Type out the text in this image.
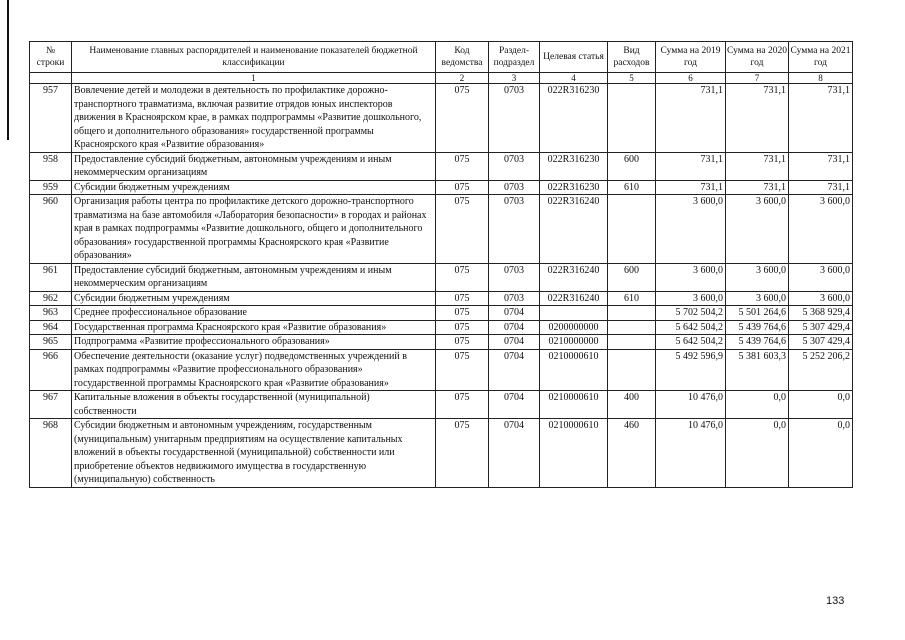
№ строки	Наименование главных распорядителей и наименование показателей бюджетной классификации	Код ведомства	Раздел-подраздел	Целевая статья	Вид расходов	Сумма на 2019 год	Сумма на 2020 год	Сумма на 2021 год
	1	2	3	4	5	6	7	8
957	Вовлечение детей и молодежи в деятельность по профилактике дорожно-транспортного травматизма, включая развитие отрядов юных инспекторов движения в Красноярском крае, в рамках подпрограммы «Развитие дошкольного, общего и дополнительного образования» государственной программы Красноярского края «Развитие образования»	075	0703	022R316230		731,1	731,1	731,1
958	Предоставление субсидий бюджетным, автономным учреждениям и иным некоммерческим организациям	075	0703	022R316230	600	731,1	731,1	731,1
959	Субсидии бюджетным учреждениям	075	0703	022R316230	610	731,1	731,1	731,1
960	Организация работы центра по профилактике детского дорожно-транспортного травматизма на базе автомобиля «Лаборатория безопасности» в городах и районах края в рамках подпрограммы «Развитие дошкольного, общего и дополнительного образования» государственной программы Красноярского края «Развитие образования»	075	0703	022R316240		3 600,0	3 600,0	3 600,0
961	Предоставление субсидий бюджетным, автономным учреждениям и иным некоммерческим организациям	075	0703	022R316240	600	3 600,0	3 600,0	3 600,0
962	Субсидии бюджетным учреждениям	075	0703	022R316240	610	3 600,0	3 600,0	3 600,0
963	Среднее профессиональное образование	075	0704			5 702 504,2	5 501 264,6	5 368 929,4
964	Государственная программа Красноярского края «Развитие образования»	075	0704	0200000000		5 642 504,2	5 439 764,6	5 307 429,4
965	Подпрограмма «Развитие профессионального образования»	075	0704	0210000000		5 642 504,2	5 439 764,6	5 307 429,4
966	Обеспечение деятельности (оказание услуг) подведомственных учреждений в рамках подпрограммы «Развитие профессионального образования» государственной программы Красноярского края «Развитие образования»	075	0704	0210000610		5 492 596,9	5 381 603,3	5 252 206,2
967	Капитальные вложения в объекты государственной (муниципальной) собственности	075	0704	0210000610	400	10 476,0	0,0	0,0
968	Субсидии бюджетным и автономным учреждениям, государственным (муниципальным) унитарным предприятиям на осуществление капитальных вложений в объекты государственной (муниципальной) собственности или приобретение объектов недвижимого имущества в государственную (муниципальную) собственность	075	0704	0210000610	460	10 476,0	0,0	0,0
133
